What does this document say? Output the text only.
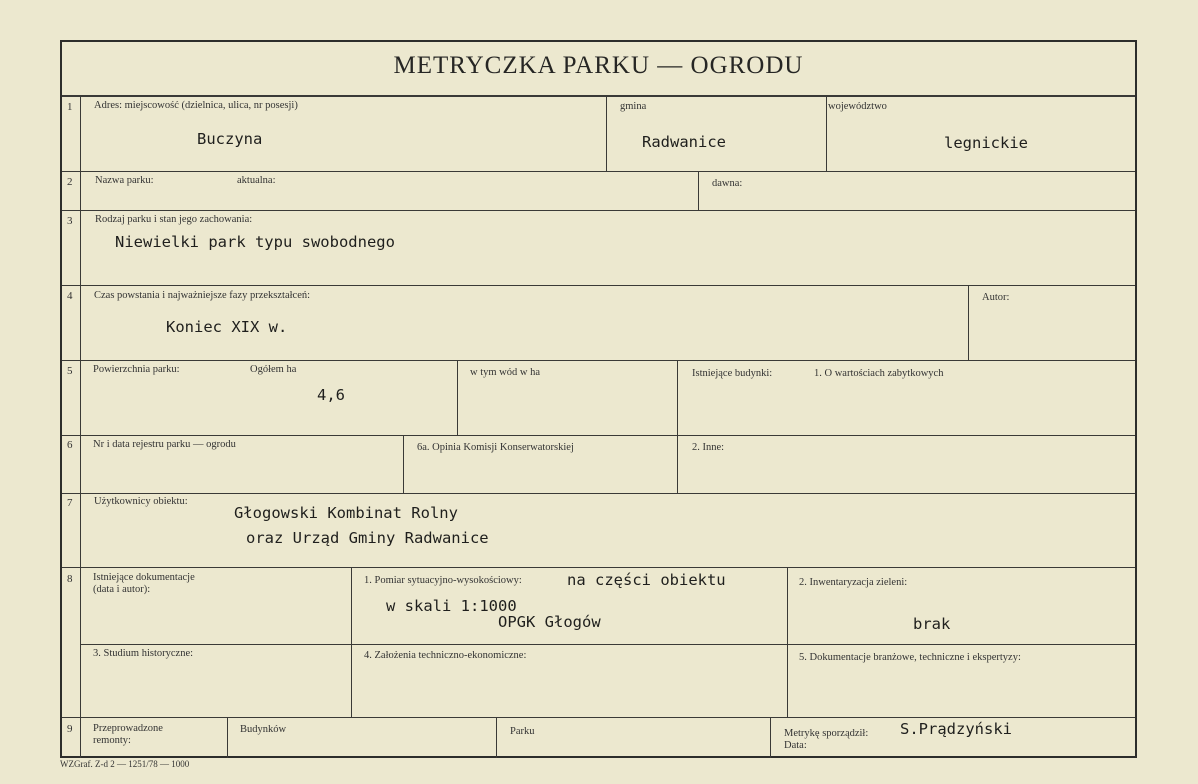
METRYCZKA PARKU — OGRODU
1 Adres: miejscowość (dzielnica, ulica, nr posesji)
Buczyna
gmina
Radwanice
województwo
legnickie
2 Nazwa parku:	aktualna:	dawna:
3 Rodzaj parku i stan jego zachowania:
Niewielki park typu swobodnego
4 Czas powstania i najważniejsze fazy przekształceń:
Koniec XIX w.
Autor:
5 Powierzchnia parku:	Ogółem ha
4,6
w tym wód w ha	Istniejące budynki:	1. O wartościach zabytkowych
6 Nr i data rejestru parku — ogrodu	6a. Opinia Komisji Konserwatorskiej	2. Inne:
7 Użytkownicy obiektu:
Głogowski Kombinat Rolny
oraz Urząd Gminy Radwanice
8 Istniejące dokumentacje
(data i autor):
1. Pomiar sytuacyjno-wysokościowy:	na części obiektu
w skali 1:1000
OPGK Głogów
2. Inwentaryzacja zieleni:
brak
3. Studium historyczne:	4. Założenia techniczno-ekonomiczne:	5. Dokumentacje branżowe, techniczne i ekspertyzy:
9 Przeprowadzone
remonty:
Budynków	Parku	Metrykę sporządził: S.Prądzyński
Data:
WZGraf. Z-d 2 — 1251/78 — 1000
